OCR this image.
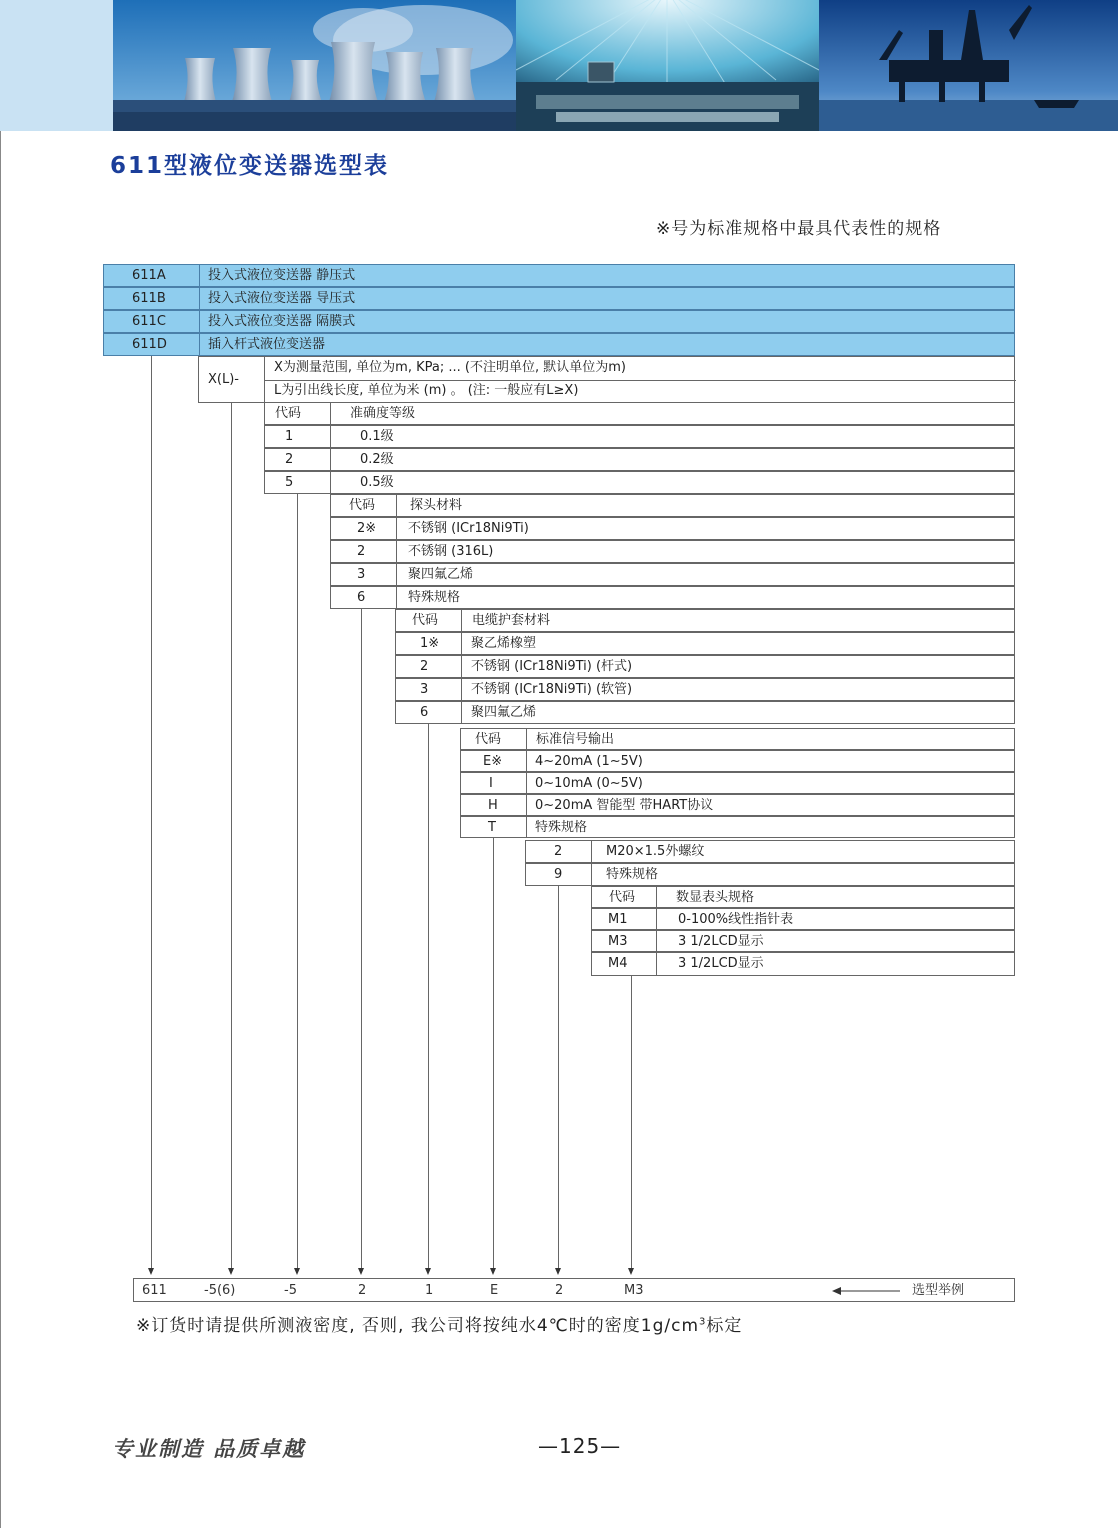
611型液位变送器选型表
※号为标准规格中最具代表性的规格
611A	投入式液位变送器 静压式
611B	投入式液位变送器 导压式
611C	投入式液位变送器 隔膜式
611D	插入杆式液位变送器
X(L)-
X为测量范围, 单位为m, KPa; ... (不注明单位, 默认单位为m)
L为引出线长度, 单位为米 (m) 。 (注: 一般应有L≥X)
代码	准确度等级
1	0.1级
2	0.2级
5	0.5级
代码	探头材料
2※ 不锈钢 (ICr18Ni9Ti)
2	不锈钢 (316L)
3	聚四氟乙烯
6	特殊规格
代码	电缆护套材料
1※ 聚乙烯橡塑
2	不锈钢 (ICr18Ni9Ti) (杆式)
3	不锈钢 (ICr18Ni9Ti) (软管)
6	聚四氟乙烯
代码	标准信号输出
E※	4~20mA (1~5V)
I	0~10mA (0~5V)
H	0~20mA 智能型 带HART协议
T	特殊规格
2	M20×1.5外螺纹
9	特殊规格
代码	数显表头规格
M1	0-100%线性指针表
M3	3 1/2LCD显示
M4	3 1/2LCD显示
611	-5(6)	-5	2	1	E	2	M3	选型举例
※订货时请提供所测液密度, 否则, 我公司将按纯水4℃时的密度$1g/cm^3$标定
专业制造 品质卓越	—125—
